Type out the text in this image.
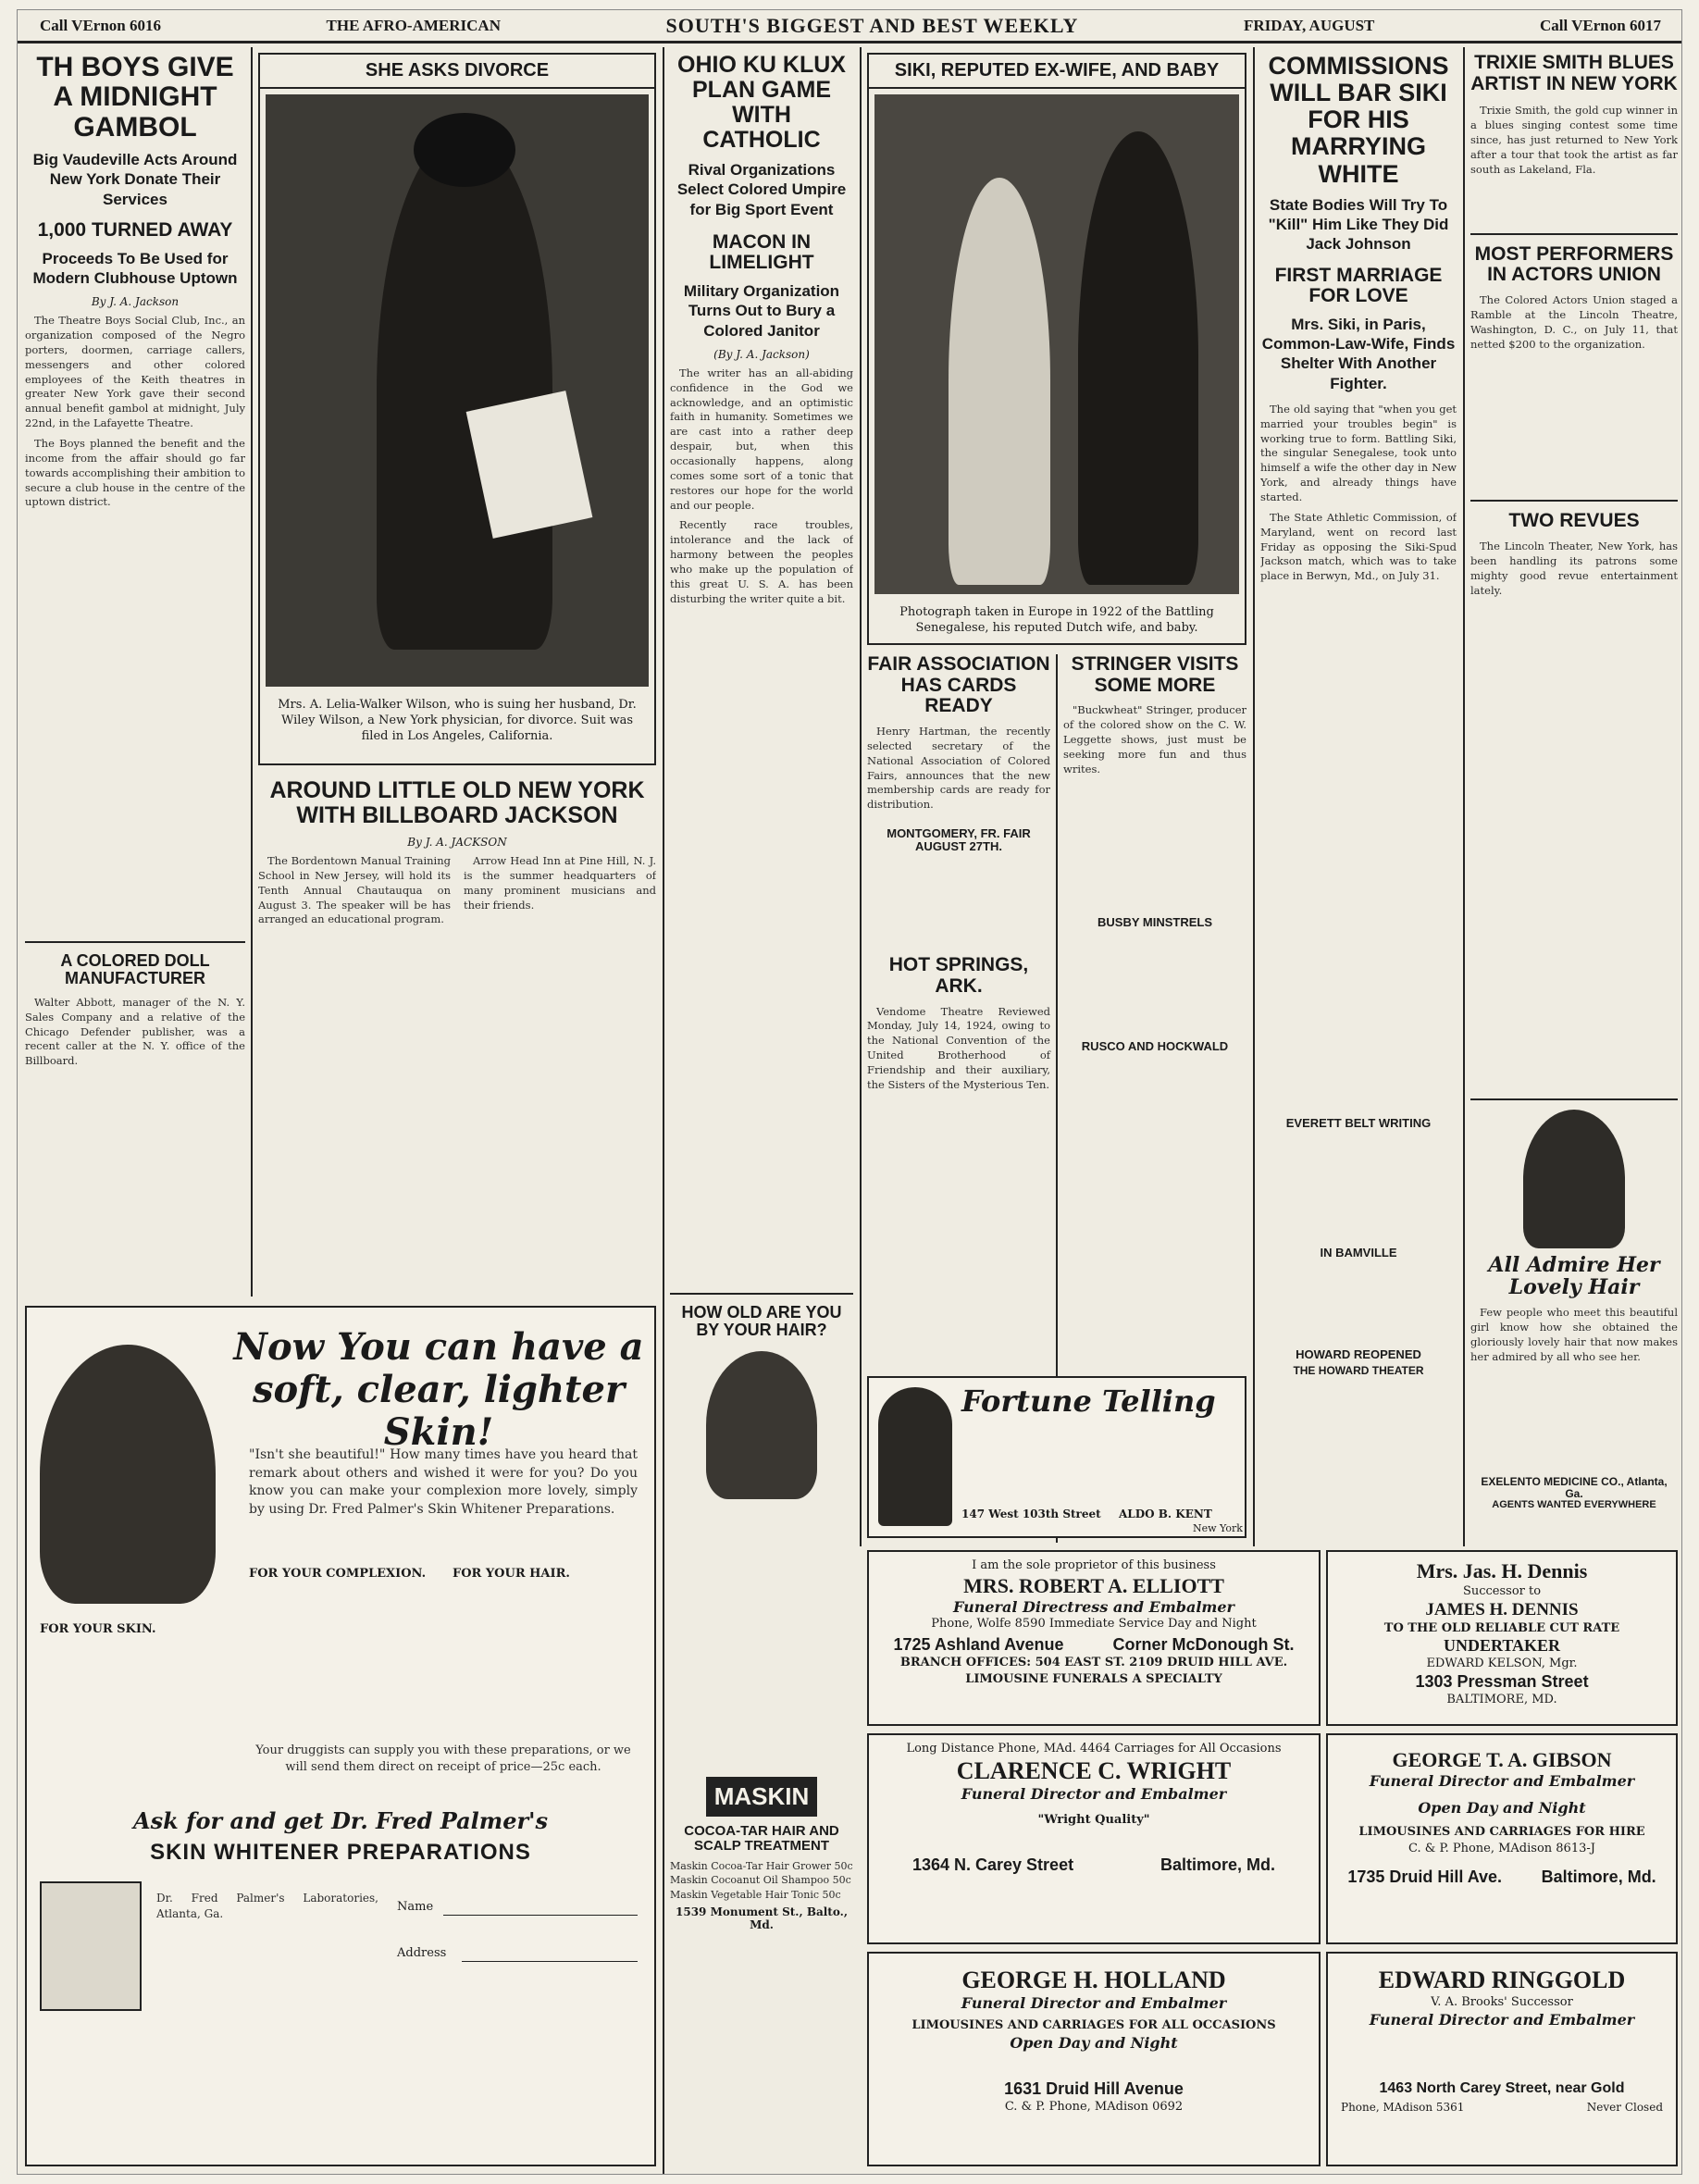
Call VErnon 6016	THE AFRO-AMERICAN	SOUTH'S BIGGEST AND BEST WEEKLY	FRIDAY, AUGUST	Call VErnon 6017
TH BOYS GIVE A MIDNIGHT GAMBOL
Big Vaudeville Acts Around New York Donate Their Services
1,000 TURNED AWAY
Proceeds To Be Used for Modern Clubhouse Uptown
By J. A. Jackson

The Theatre Boys Social Club, Inc., an organization composed of the Negro porters, doormen, carriage callers, messengers and other colored employees of the Keith theatres in greater New York gave their second annual benefit gambol at midnight, July 22nd, in the Lafayette Theatre.

The Boys planned the benefit and the income from the affair should go far towards accomplishing their ambition to secure a club house in the centre of the uptown district.

A COLORED DOLL MANUFACTURER

Walter Abbott, manager of the N. Y. Sales Company and a relative of the Chicago Defender publisher, was a recent caller at the N. Y. office of the Billboard.

SHE ASKS DIVORCE
Mrs. A. Lelia-Walker Wilson, who is suing her husband, Dr. Wiley Wilson, a New York physician, for divorce. Suit was filed in Los Angeles, California.
AROUND LITTLE OLD NEW YORK WITH BILLBOARD JACKSON
By J. A. JACKSON

The Bordentown Manual Training School in New Jersey, will hold its Tenth Annual Chautauqua on August 3. The speaker will be has arranged an educational program.

Arrow Head Inn at Pine Hill, N. J. is the summer headquarters of many prominent musicians and their friends.

OHIO KU KLUX PLAN GAME WITH CATHOLIC
Rival Organizations Select Colored Umpire for Big Sport Event
MACON IN LIMELIGHT
Military Organization Turns Out to Bury a Colored Janitor
(By J. A. Jackson)

The writer has an all-abiding confidence in the God we acknowledge, and an optimistic faith in humanity. Sometimes we are cast into a rather deep despair, but, when this occasionally happens, along comes some sort of a tonic that restores our hope for the world and our people.

Recently race troubles, intolerance and the lack of harmony between the peoples who make up the population of this great U. S. A. has been disturbing the writer quite a bit.

HOW OLD ARE YOU BY YOUR HAIR?
MASKIN
COCOA-TAR HAIR AND SCALP TREATMENT
Maskin Cocoa-Tar Hair Grower 50c
Maskin Cocoanut Oil Shampoo 50c
Maskin Vegetable Hair Tonic 50c
1539 Monument St., Balto., Md.
SIKI, REPUTED EX-WIFE, AND BABY
Photograph taken in Europe in 1922 of the Battling Senegalese, his reputed Dutch wife, and baby.
FAIR ASSOCIATION HAS CARDS READY

Henry Hartman, the recently selected secretary of the National Association of Colored Fairs, announces that the new membership cards are ready for distribution.

MONTGOMERY, FR. FAIR AUGUST 27TH.
HOT SPRINGS, ARK.

Vendome Theatre Reviewed Monday, July 14, 1924, owing to the National Convention of the United Brotherhood of Friendship and their auxiliary, the Sisters of the Mysterious Ten.

STRINGER VISITS SOME MORE

"Buckwheat" Stringer, producer of the colored show on the C. W. Leggette shows, just must be seeking more fun and thus writes.

BUSBY MINSTRELS
RUSCO AND HOCKWALD
Fortune Telling
147 West 103th Street ALDO B. KENT
New York
COMMISSIONS WILL BAR SIKI FOR HIS MARRYING WHITE
State Bodies Will Try To "Kill" Him Like They Did Jack Johnson
FIRST MARRIAGE FOR LOVE
Mrs. Siki, in Paris, Common-Law-Wife, Finds Shelter With Another Fighter.

The old saying that "when you get married your troubles begin" is working true to form. Battling Siki, the singular Senegalese, took unto himself a wife the other day in New York, and already things have started.

The State Athletic Commission, of Maryland, went on record last Friday as opposing the Siki-Spud Jackson match, which was to take place in Berwyn, Md., on July 31.

EVERETT BELT WRITING
IN BAMVILLE
HOWARD REOPENED
THE HOWARD THEATER
TRIXIE SMITH BLUES ARTIST IN NEW YORK

Trixie Smith, the gold cup winner in a blues singing contest some time since, has just returned to New York after a tour that took the artist as far south as Lakeland, Fla.

MOST PERFORMERS IN ACTORS UNION

The Colored Actors Union staged a Ramble at the Lincoln Theatre, Washington, D. C., on July 11, that netted $200 to the organization.

TWO REVUES

The Lincoln Theater, New York, has been handling its patrons some mighty good revue entertainment lately.

All Admire Her Lovely Hair

Few people who meet this beautiful girl know how she obtained the gloriously lovely hair that now makes her admired by all who see her.

EXELENTO MEDICINE CO., Atlanta, Ga.
AGENTS WANTED EVERYWHERE
Now You can have a soft, clear, lighter Skin!
"Isn't she beautiful!" How many times have you heard that remark about others and wished it were for you? Do you know you can make your complexion more lovely, simply by using Dr. Fred Palmer's Skin Whitener Preparations.
FOR YOUR COMPLEXION. FOR YOUR HAIR.
FOR YOUR SKIN.
Your druggists can supply you with these preparations, or we will send them direct on receipt of price—25c each.
Ask for and get Dr. Fred Palmer's
SKIN WHITENER PREPARATIONS
Dr. Fred Palmer's Laboratories, Atlanta, Ga.	Name
Address
I am the sole proprietor of this business
MRS. ROBERT A. ELLIOTT
Funeral Directress and Embalmer
Phone, Wolfe 8590 Immediate Service Day and Night
1725 Ashland Avenue	Corner McDonough St.
BRANCH OFFICES: 504 EAST ST. 2109 DRUID HILL AVE.
LIMOUSINE FUNERALS A SPECIALTY
Mrs. Jas. H. Dennis
Successor to
JAMES H. DENNIS
TO THE OLD RELIABLE CUT RATE
UNDERTAKER
EDWARD KELSON, Mgr.
1303 Pressman Street
BALTIMORE, MD.
Long Distance Phone, MAd. 4464 Carriages for All Occasions
CLARENCE C. WRIGHT
Funeral Director and Embalmer
"Wright Quality"
1364 N. Carey Street	Baltimore, Md.
GEORGE T. A. GIBSON
Funeral Director and Embalmer
Open Day and Night
LIMOUSINES AND CARRIAGES FOR HIRE
C. & P. Phone, MAdison 8613-J
1735 Druid Hill Ave. Baltimore, Md.
GEORGE H. HOLLAND
Funeral Director and Embalmer
LIMOUSINES AND CARRIAGES FOR ALL OCCASIONS
Open Day and Night
1631 Druid Hill Avenue
C. & P. Phone, MAdison 0692
EDWARD RINGGOLD
V. A. Brooks' Successor
Funeral Director and Embalmer
1463 North Carey Street, near Gold
Phone, MAdison 5361	Never Closed
